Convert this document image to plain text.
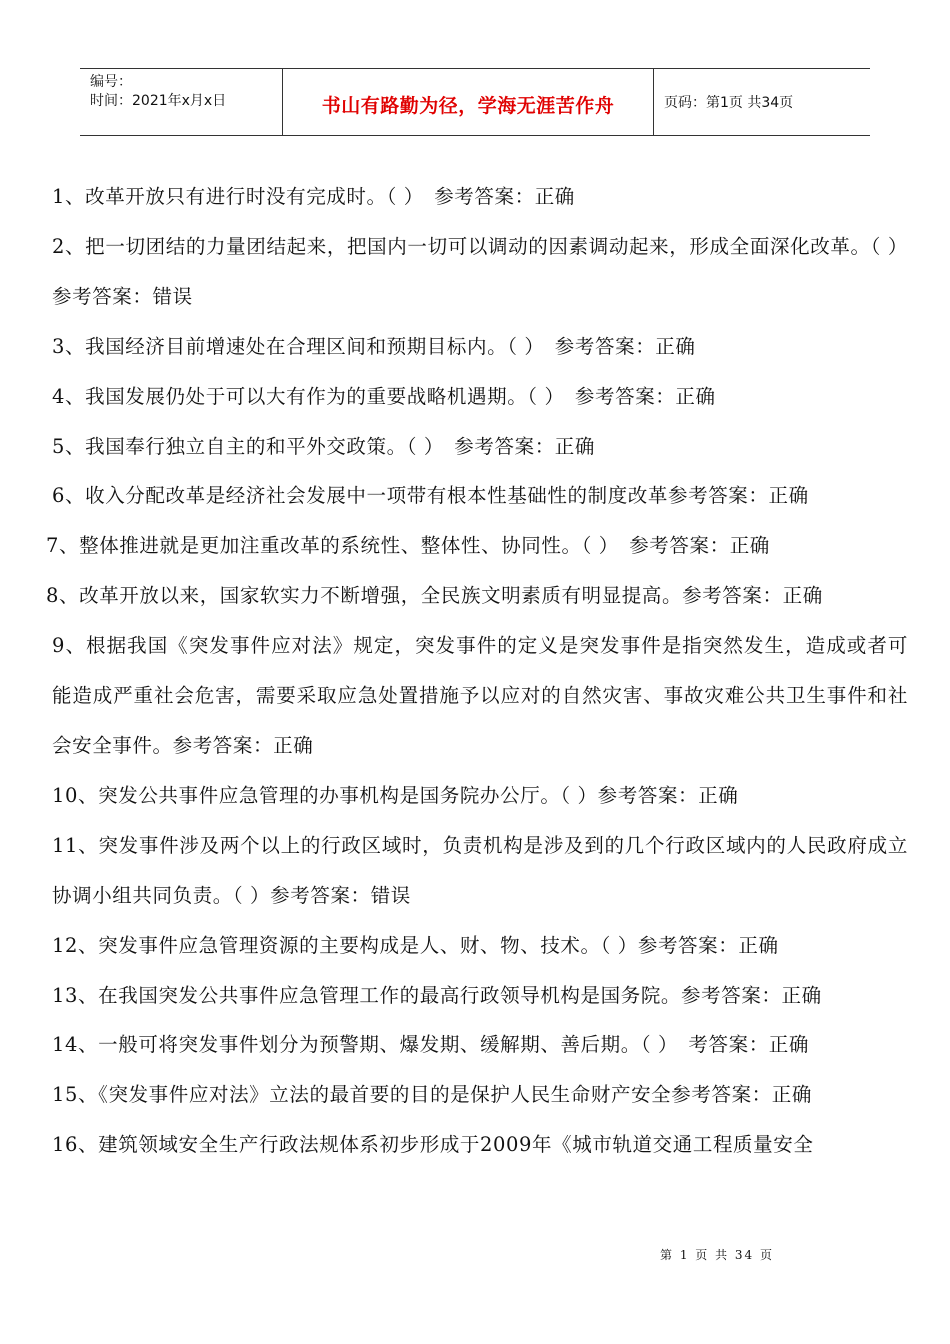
编号：
时间：2021年x月x日	书山有路勤为径，学海无涯苦作舟	页码：第1页 共34页

1、改革开放只有进行时没有完成时。（ ）　参考答案：正确

2、把一切团结的力量团结起来，把国内一切可以调动的因素调动起来，形成全面深化改革。（ ）参考答案：错误

3、我国经济目前增速处在合理区间和预期目标内。（ ）　参考答案：正确

4、我国发展仍处于可以大有作为的重要战略机遇期。（ ）　参考答案：正确

5、我国奉行独立自主的和平外交政策。（ ）　参考答案：正确

6、收入分配改革是经济社会发展中一项带有根本性基础性的制度改革参考答案：正确

7、整体推进就是更加注重改革的系统性、整体性、协同性。（ ）　参考答案：正确

8、改革开放以来，国家软实力不断增强，全民族文明素质有明显提高。参考答案：正确

9、根据我国《突发事件应对法》规定，突发事件的定义是突发事件是指突然发生，造成或者可能造成严重社会危害，需要采取应急处置措施予以应对的自然灾害、事故灾难公共卫生事件和社会安全事件。参考答案：正确

10、突发公共事件应急管理的办事机构是国务院办公厅。（ ）参考答案：正确

11、突发事件涉及两个以上的行政区域时，负责机构是涉及到的几个行政区域内的人民政府成立协调小组共同负责。（ ）参考答案：错误

12、突发事件应急管理资源的主要构成是人、财、物、技术。（ ）参考答案：正确

13、在我国突发公共事件应急管理工作的最高行政领导机构是国务院。参考答案：正确

14、一般可将突发事件划分为预警期、爆发期、缓解期、善后期。（ ）　考答案：正确

15、《突发事件应对法》立法的最首要的目的是保护人民生命财产安全参考答案：正确

16、建筑领域安全生产行政法规体系初步形成于2009年《城市轨道交通工程质量安全

第 1 页 共 34 页
